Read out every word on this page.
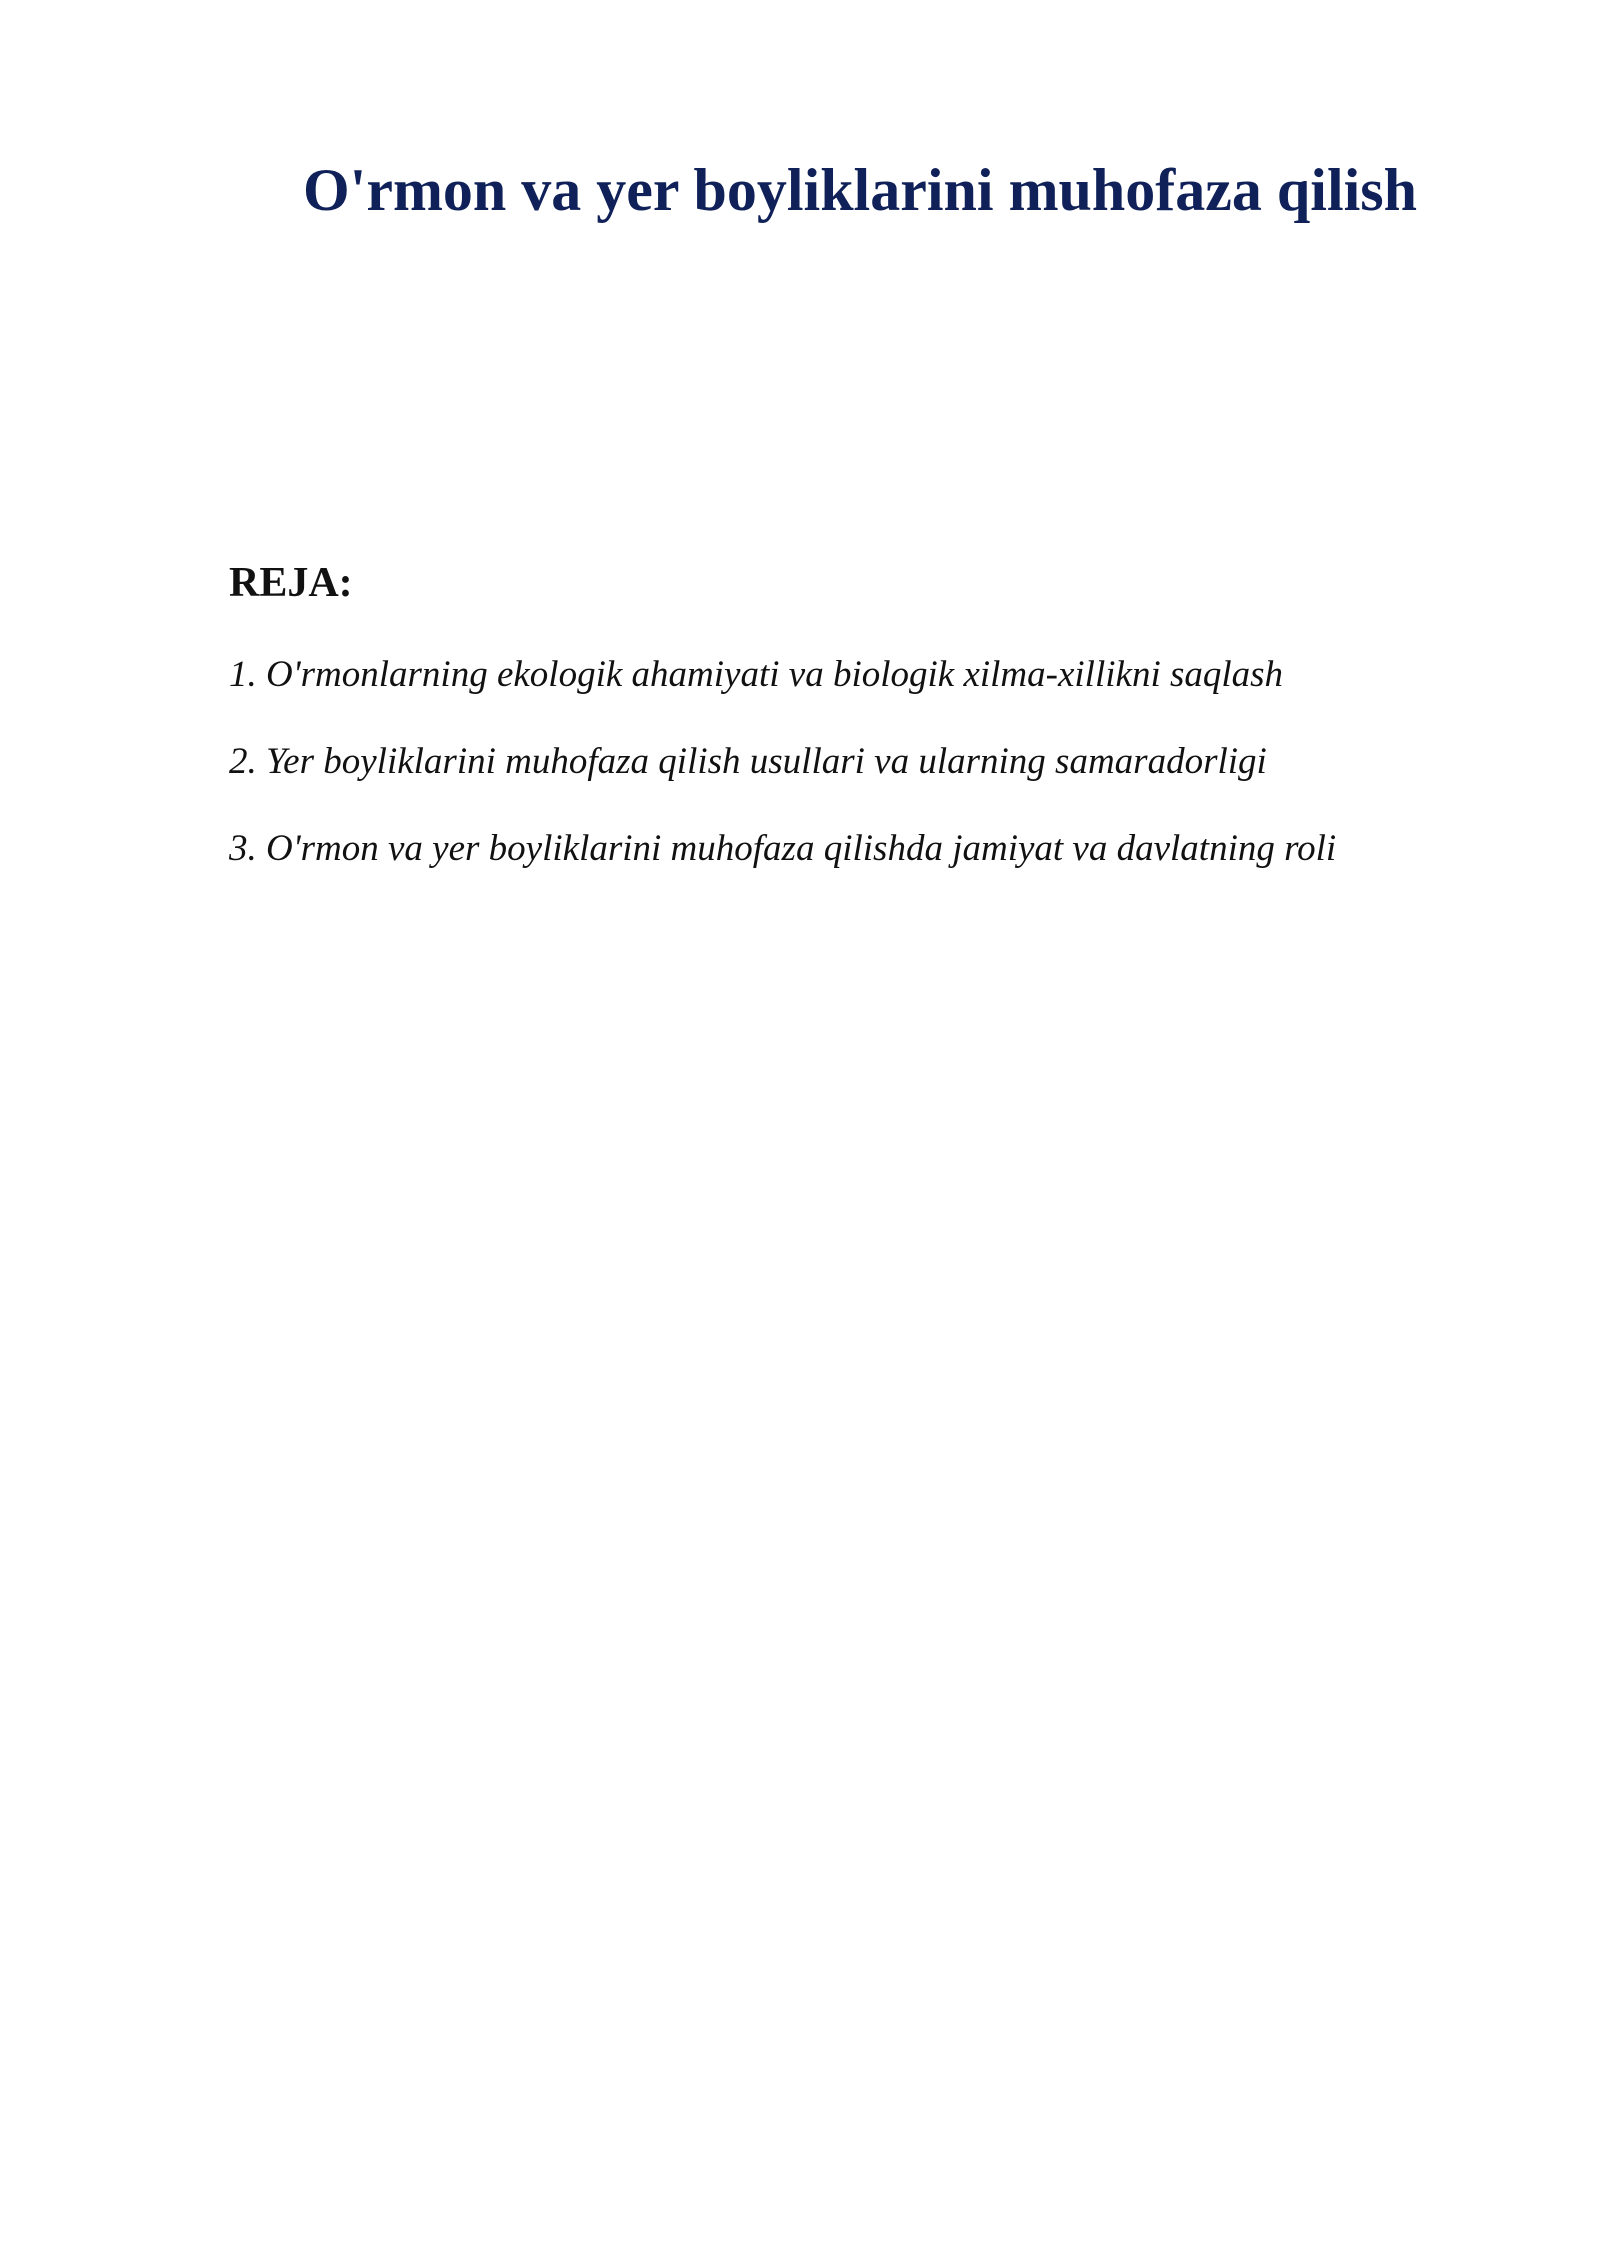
O'rmon va yer boyliklarini muhofaza qilish
REJA:
1. O'rmonlarning ekologik ahamiyati va biologik xilma-xillikni saqlash
2. Yer boyliklarini muhofaza qilish usullari va ularning samaradorligi
3. O'rmon va yer boyliklarini muhofaza qilishda jamiyat va davlatning roli
